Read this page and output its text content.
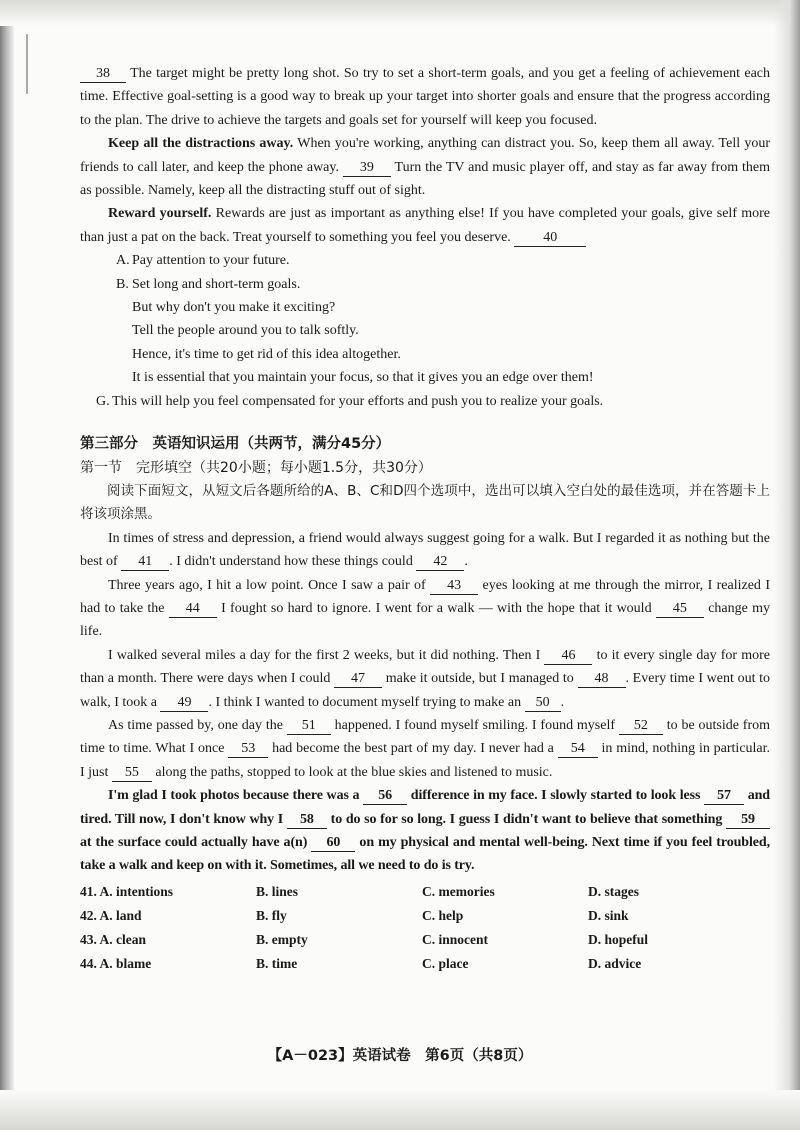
38 The target might be pretty long shot. So try to set a short-term goals, and you get a feeling of achievement each time. Effective goal-setting is a good way to break up your target into shorter goals and ensure that the progress according to the plan. The drive to achieve the targets and goals set for yourself will keep you focused.

Keep all the distractions away. When you're working, anything can distract you. So, keep them all away. Tell your friends to call later, and keep the phone away. 39 Turn the TV and music player off, and stay as far away from them as possible. Namely, keep all the distracting stuff out of sight.

Reward yourself. Rewards are just as important as anything else! If you have completed your goals, give self more than just a pat on the back. Treat yourself to something you feel you deserve. 40

A. Pay attention to your future.

B. Set long and short-term goals.

But why don't you make it exciting?

Tell the people around you to talk softly.

Hence, it's time to get rid of this idea altogether.

It is essential that you maintain your focus, so that it gives you an edge over them!

G. This will help you feel compensated for your efforts and push you to realize your goals.

第三部分　英语知识运用（共两节，满分45分）

第一节　完形填空（共20小题；每小题1.5分，共30分）

阅读下面短文，从短文后各题所给的A、B、C和D四个选项中，选出可以填入空白处的最佳选项，并在答题卡上将该项涂黑。

In times of stress and depression, a friend would always suggest going for a walk. But I regarded it as nothing but the best of 41 . I didn't understand how these things could 42 .

Three years ago, I hit a low point. Once I saw a pair of 43 eyes looking at me through the mirror, I realized I had to take the 44 I fought so hard to ignore. I went for a walk — with the hope that it would 45 change my life.

I walked several miles a day for the first 2 weeks, but it did nothing. Then I 46 to it every single day for more than a month. There were days when I could 47 make it outside, but I managed to 48 . Every time I went out to walk, I took a 49 . I think I wanted to document myself trying to make an 50 .

As time passed by, one day the 51 happened. I found myself smiling. I found myself 52 to be outside from time to time. What I once 53 had become the best part of my day. I never had a 54 in mind, nothing in particular. I just 55 along the paths, stopped to look at the blue skies and listened to music.

I'm glad I took photos because there was a 56 difference in my face. I slowly started to look less 57 and tired. Till now, I don't know why I 58 to do so for so long. I guess I didn't want to believe that something 59 at the surface could actually have a(n) 60 on my physical and mental well-being. Next time if you feel troubled, take a walk and keep on with it. Sometimes, all we need to do is try.

41. A. intentions	B. lines	C. memories	D. stages
42. A. land	B. fly	C. help	D. sink
43. A. clean	B. empty	C. innocent	D. hopeful
44. A. blame	B. time	C. place	D. advice
【A－023】英语试卷　第6页（共8页）
